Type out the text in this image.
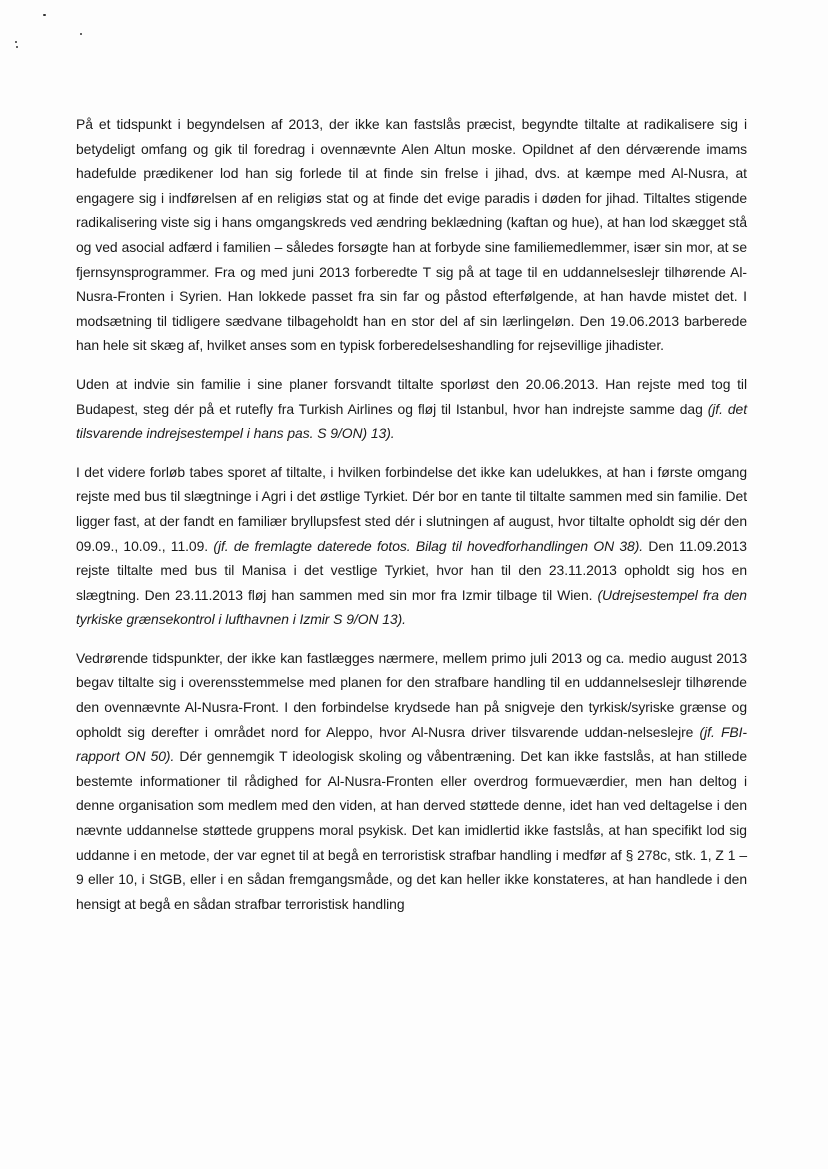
På et tidspunkt i begyndelsen af 2013, der ikke kan fastslås præcist, begyndte tiltalte at radikalisere sig i betydeligt omfang og gik til foredrag i ovennævnte Alen Altun moske. Opildnet af den dérværende imams hadefulde prædikener lod han sig forlede til at finde sin frelse i jihad, dvs. at kæmpe med Al-Nusra, at engagere sig i indførelsen af en religiøs stat og at finde det evige paradis i døden for jihad. Tiltaltes stigende radikalisering viste sig i hans omgangskreds ved ændring beklædning (kaftan og hue), at han lod skægget stå og ved asocial adfærd i familien – således forsøgte han at forbyde sine familiemedlemmer, især sin mor, at se fjernsynsprogrammer. Fra og med juni 2013 forberedte T sig på at tage til en uddannelseslejr tilhørende Al-Nusra-Fronten i Syrien. Han lokkede passet fra sin far og påstod efterfølgende, at han havde mistet det. I modsætning til tidligere sædvane tilbageholdt han en stor del af sin lærlingeløn. Den 19.06.2013 barberede han hele sit skæg af, hvilket anses som en typisk forberedelseshandling for rejsevillige jihadister.

Uden at indvie sin familie i sine planer forsvandt tiltalte sporløst den 20.06.2013. Han rejste med tog til Budapest, steg dér på et rutefly fra Turkish Airlines og fløj til Istanbul, hvor han indrejste samme dag (jf. det tilsvarende indrejsestempel i hans pas. S 9/ON) 13).

I det videre forløb tabes sporet af tiltalte, i hvilken forbindelse det ikke kan udelukkes, at han i første omgang rejste med bus til slægtninge i Agri i det østlige Tyrkiet. Dér bor en tante til tiltalte sammen med sin familie. Det ligger fast, at der fandt en familiær bryllupsfest sted dér i slutningen af august, hvor tiltalte opholdt sig dér den 09.09., 10.09., 11.09. (jf. de fremlagte daterede fotos. Bilag til hovedforhandlingen ON 38). Den 11.09.2013 rejste tiltalte med bus til Manisa i det vestlige Tyrkiet, hvor han til den 23.11.2013 opholdt sig hos en slægtning. Den 23.11.2013 fløj han sammen med sin mor fra Izmir tilbage til Wien. (Udrejsestempel fra den tyrkiske grænsekontrol i lufthavnen i Izmir S 9/ON 13).

Vedrørende tidspunkter, der ikke kan fastlægges nærmere, mellem primo juli 2013 og ca. medio august 2013 begav tiltalte sig i overensstemmelse med planen for den strafbare handling til en uddannelseslejr tilhørende den ovennævnte Al-Nusra-Front. I den forbindelse krydsede han på snigveje den tyrkisk/syriske grænse og opholdt sig derefter i området nord for Aleppo, hvor Al-Nusra driver tilsvarende uddan-nelseslejre (jf. FBI-rapport ON 50). Dér gennemgik T ideologisk skoling og våbentræning. Det kan ikke fastslås, at han stillede bestemte informationer til rådighed for Al-Nusra-Fronten eller overdrog formueværdier, men han deltog i denne organisation som medlem med den viden, at han derved støttede denne, idet han ved deltagelse i den nævnte uddannelse støttede gruppens moral psykisk. Det kan imidlertid ikke fastslås, at han specifikt lod sig uddanne i en metode, der var egnet til at begå en terroristisk strafbar handling i medfør af § 278c, stk. 1, Z 1 – 9 eller 10, i StGB, eller i en sådan fremgangsmåde, og det kan heller ikke konstateres, at han handlede i den hensigt at begå en sådan strafbar terroristisk handling
